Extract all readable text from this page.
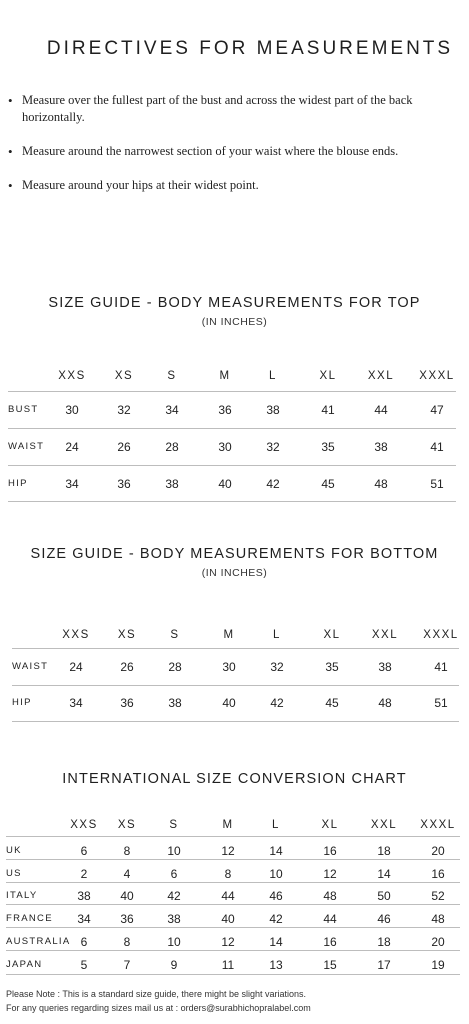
DIRECTIVES FOR MEASUREMENTS
• Measure over the fullest part of the bust and across the widest part of the back horizontally.
• Measure around the narrowest section of your waist where the blouse ends.
• Measure around your hips at their widest point.
SIZE GUIDE - BODY MEASUREMENTS FOR TOP
(IN INCHES)
XXS	XS	S	M	L	XL	XXL	XXXL
BUST	30	32	34	36	38	41	44	47
WAIST	24	26	28	30	32	35	38	41
HIP	34	36	38	40	42	45	48	51
SIZE GUIDE - BODY MEASUREMENTS FOR BOTTOM
(IN INCHES)
XXS	XS	S	M	L	XL	XXL	XXXL
WAIST	24	26	28	30	32	35	38	41
HIP	34	36	38	40	42	45	48	51
INTERNATIONAL SIZE CONVERSION CHART
XXS	XS	S	M	L	XL	XXL	XXXL
UK	6	8	10	12	14	16	18	20
US	2	4	6	8	10	12	14	16
ITALY	38	40	42	44	46	48	50	52
FRANCE	34	36	38	40	42	44	46	48
AUSTRALIA 6	8	10	12	14	16	18	20
JAPAN	5	7	9	11	13	15	17	19
Please Note : This is a standard size guide, there might be slight variations.
For any queries regarding sizes mail us at : orders@surabhichopralabel.com
